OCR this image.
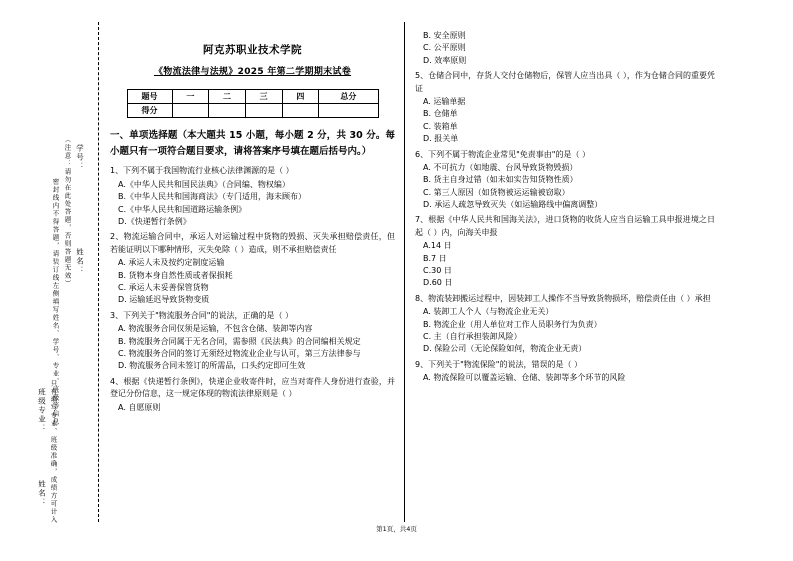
学号：
（注意：请勿在此处答题，否则答题无效） 姓名：
密封线内不得答题，请装订线左侧填写姓名、学号、专业、班级等信息
班级专业： 只有填写专业、班级准确，成绩方可计入
姓名：
阿克苏职业技术学院
《物流法律与法规》2025 年第二学期期末试卷
题号	一	二	三	四	总分
得分					
一、单项选择题（本大题共 15 小题，每小题 2 分，共 30 分。每小题只有一项符合题目要求，请将答案序号填在题后括号内。）
1、下列不属于我国物流行业核心法律渊源的是（ ）
A.《中华人民共和国民法典》（合同编、物权编）
B.《中华人民共和国海商法》（专门适用，海未顾布）
C.《中华人民共和国道路运输条例》
D.《快递暂行条例》
2、物流运输合同中，承运人对运输过程中货物的毁损、灭失承担赔偿责任，但若能证明以下哪种情形，灭失免除（ ）造成，则不承担赔偿责任
A. 承运人未及按约定制度运输
B. 货物本身自然性质或者保损耗
C. 承运人未妥善保管货物
D. 运输延迟导致货物变质
3、下列关于"物流服务合同"的说法，正确的是（ ）
A. 物流服务合同仅须是运输，不包含仓储、装卸等内容
B. 物流服务合同属于无名合同，需参照《民法典》的合同编相关规定
C. 物流服务合同的签订无须经过物流业企业与认可，第三方法律参与
D. 物流服务合同未签订的所需品，口头约定即可生效
4、根据《快递暂行条例》，快递企业收寄件时，应当对寄件人身份进行查验，并登记分份信息，这一规定体现的物流法律原则是（ ）
A. 自愿原则
B. 安全原则
C. 公平原则
D. 效率原则
5、仓储合同中，存货人交付仓储物后，保管人应当出具（ ），作为仓储合同的重要凭证
A. 运输单据
B. 仓储单
C. 装箱单
D. 报关单
6、下列不属于物流企业常见"免责事由"的是（ ）
A. 不可抗力（如地震、台风导致货物毁损）
B. 货主自身过错（如未如实告知货物性质）
C. 第三人原因（如货物被运运输被窃取）
D. 承运人疏忽导致灭失（如运输路线中偏离调整）
7、根据《中华人民共和国海关法》，进口货物的收货人应当自运输工具申报进境之日起（ ）内，向海关申报
A.14 日
B.7 日
C.30 日
D.60 日
8、物流装卸搬运过程中，因装卸工人操作不当导致货物损坏，赔偿责任由（ ）承担
A. 装卸工人个人（与物流企业无关）
B. 物流企业（用人单位对工作人员职务行为负责）
C. 主（自行承担装卸风险）
D. 保险公司（无论保险如何，物流企业无责）
9、下列关于"物流保险"的说法，错误的是（ ）
A. 物流保险可以覆盖运输、仓储、装卸等多个环节的风险
第1页，共4页
